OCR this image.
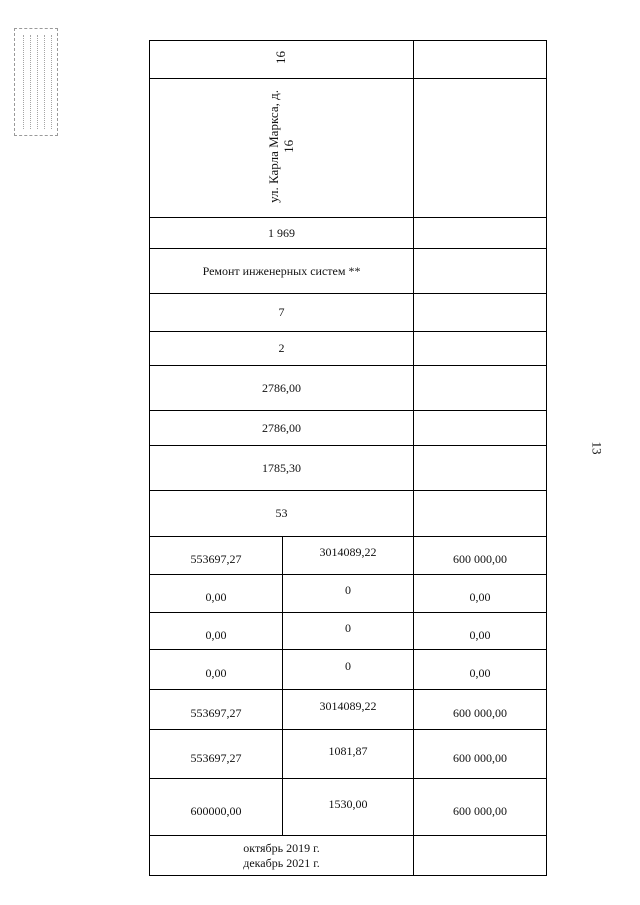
13
16		
ул. Карла Маркса, д.
16		
1 969		
Ремонт инженерных систем **		
7		
2		
2786,00		
2786,00		
1785,30		
53		

553697,27	3014089,22	600 000,00

0,00	0	0,00

0,00	0	0,00

0,00	0	0,00

553697,27	3014089,22	600 000,00

553697,27	1081,87	600 000,00

600000,00	1530,00	600 000,00

октябрь 2019 г.
декабрь 2021 г.		
